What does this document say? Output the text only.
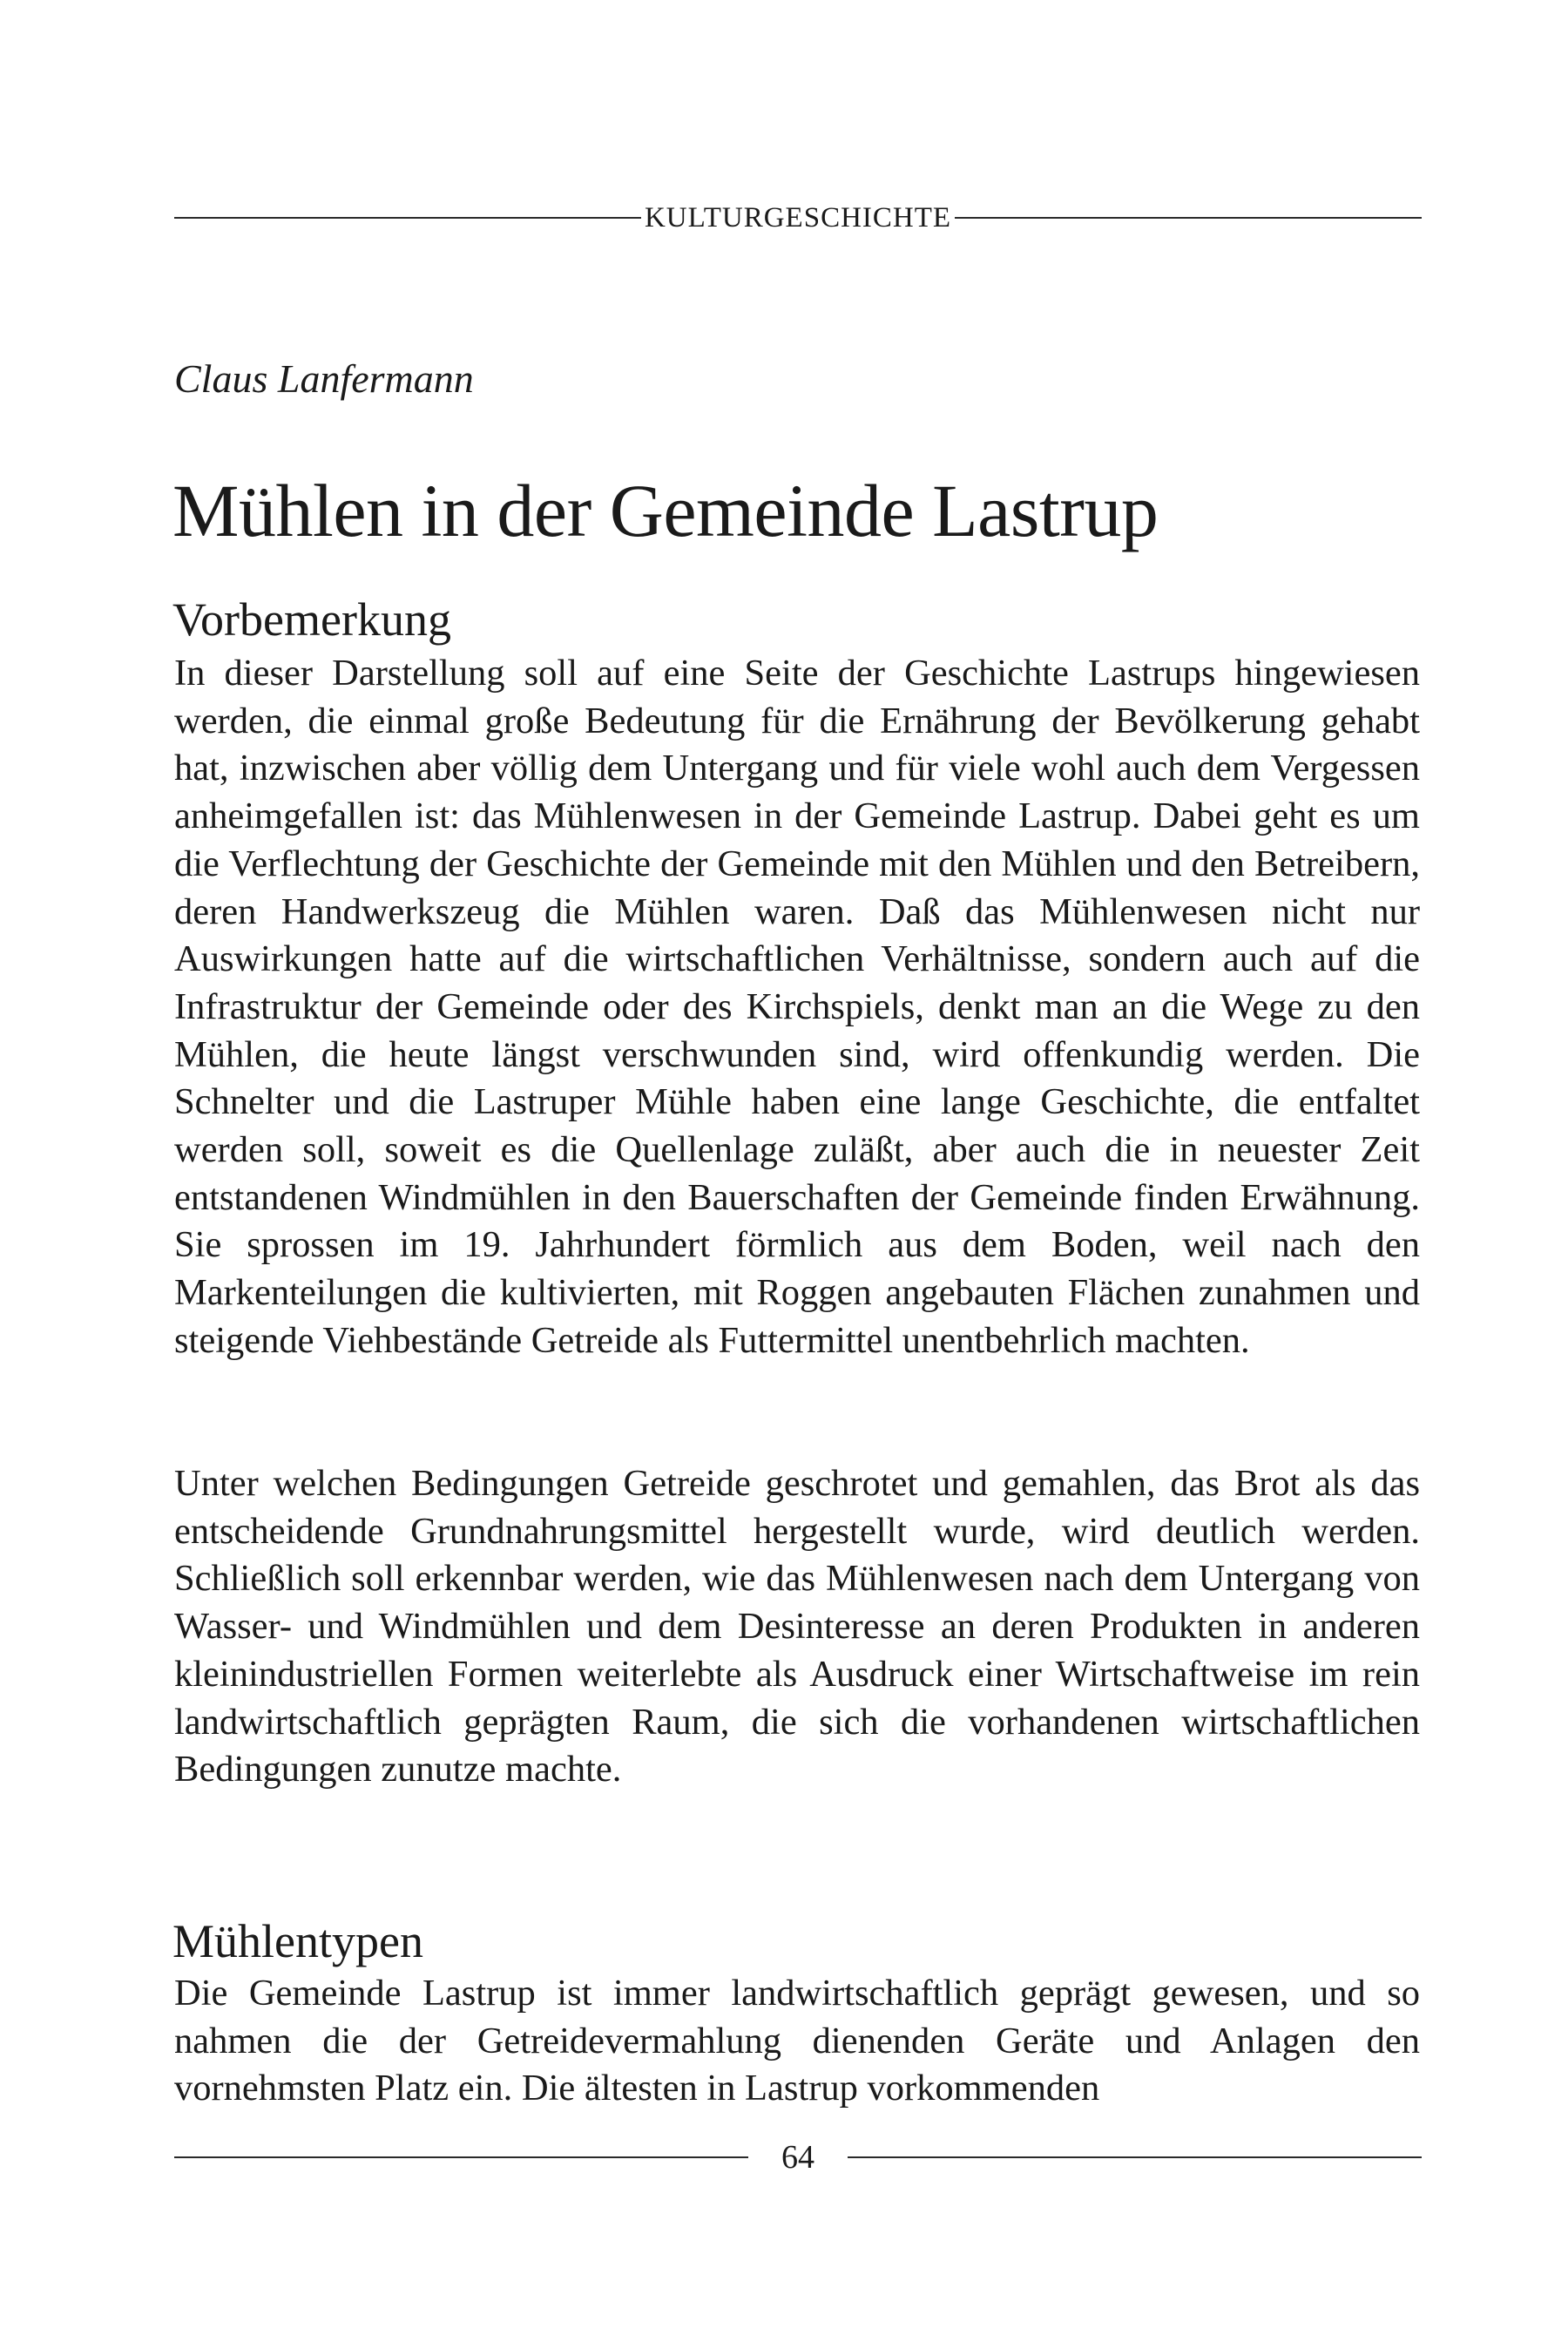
KULTURGESCHICHTE
Claus Lanfermann
Mühlen in der Gemeinde Lastrup
Vorbemerkung

In dieser Darstellung soll auf eine Seite der Geschichte Lastrups hingewiesen werden, die einmal große Bedeutung für die Ernährung der Bevölkerung gehabt hat, inzwischen aber völlig dem Untergang und für viele wohl auch dem Vergessen anheimgefallen ist: das Mühlenwesen in der Gemeinde Lastrup. Dabei geht es um die Verflechtung der Geschichte der Gemeinde mit den Mühlen und den Betreibern, deren Handwerkszeug die Mühlen waren. Daß das Mühlenwesen nicht nur Auswirkungen hatte auf die wirtschaftlichen Verhältnisse, sondern auch auf die Infrastruktur der Gemeinde oder des Kirchspiels, denkt man an die Wege zu den Mühlen, die heute längst verschwunden sind, wird offenkundig werden. Die Schnelter und die Lastruper Mühle haben eine lange Geschichte, die entfaltet werden soll, soweit es die Quellenlage zuläßt, aber auch die in neuester Zeit entstandenen Windmühlen in den Bauerschaften der Gemeinde finden Erwähnung. Sie sprossen im 19. Jahrhundert förmlich aus dem Boden, weil nach den Markenteilungen die kultivierten, mit Roggen angebauten Flächen zunahmen und steigende Viehbestände Getreide als Futtermittel unentbehrlich machten.

Unter welchen Bedingungen Getreide geschrotet und gemahlen, das Brot als das entscheidende Grundnahrungsmittel hergestellt wurde, wird deutlich werden. Schließlich soll erkennbar werden, wie das Mühlenwesen nach dem Untergang von Wasser- und Windmühlen und dem Desinteresse an deren Produkten in anderen kleinindustriellen Formen weiterlebte als Ausdruck einer Wirtschaftweise im rein landwirtschaftlich geprägten Raum, die sich die vorhandenen wirtschaftlichen Bedingungen zunutze machte.

Mühlentypen

Die Gemeinde Lastrup ist immer landwirtschaftlich geprägt gewesen, und so nahmen die der Getreidevermahlung dienenden Geräte und Anlagen den vornehmsten Platz ein. Die ältesten in Lastrup vorkommenden

64
